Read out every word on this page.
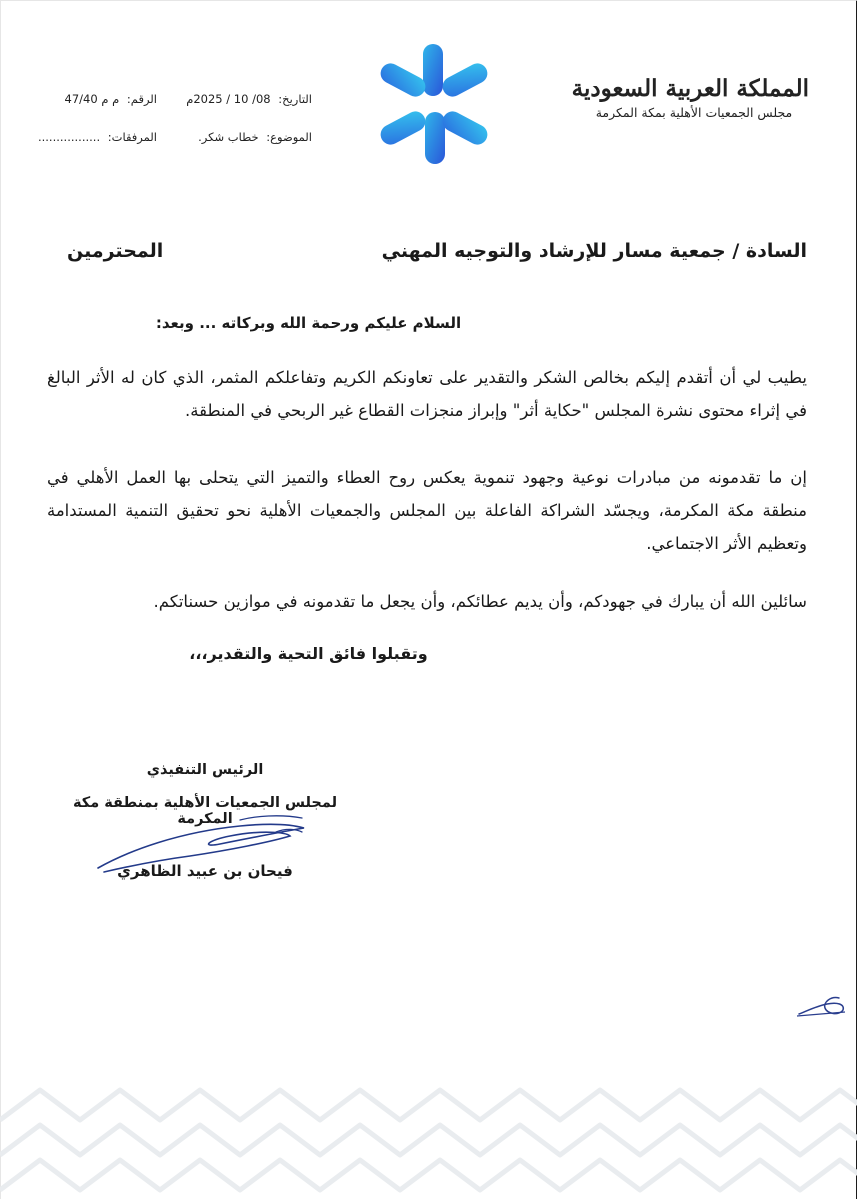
المملكة العربية السعودية
مجلس الجمعيات الأهلية بمكة المكرمة
التاريخ: 08/ 10 / 2025م
الرقم: م م 47/40
الموضوع: خطاب شكر.
المرفقات: .................
السادة / جمعية مسار للإرشاد والتوجيه المهني
المحترمين
السلام عليكم ورحمة الله وبركاته ... وبعد:
يطيب لي أن أتقدم إليكم بخالص الشكر والتقدير على تعاونكم الكريم وتفاعلكم المثمر، الذي كان له الأثر البالغ في إثراء محتوى نشرة المجلس "حكاية أثر" وإبراز منجزات القطاع غير الربحي في المنطقة.
إن ما تقدمونه من مبادرات نوعية وجهود تنموية يعكس روح العطاء والتميز التي يتحلى بها العمل الأهلي في منطقة مكة المكرمة، ويجسّد الشراكة الفاعلة بين المجلس والجمعيات الأهلية نحو تحقيق التنمية المستدامة وتعظيم الأثر الاجتماعي.
سائلين الله أن يبارك في جهودكم، وأن يديم عطائكم، وأن يجعل ما تقدمونه في موازين حسناتكم.
وتقبلوا فائق التحية والتقدير،،،
الرئيس التنفيذي
لمجلس الجمعيات الأهلية بمنطقة مكة المكرمة
فيحان بن عبيد الظاهري
